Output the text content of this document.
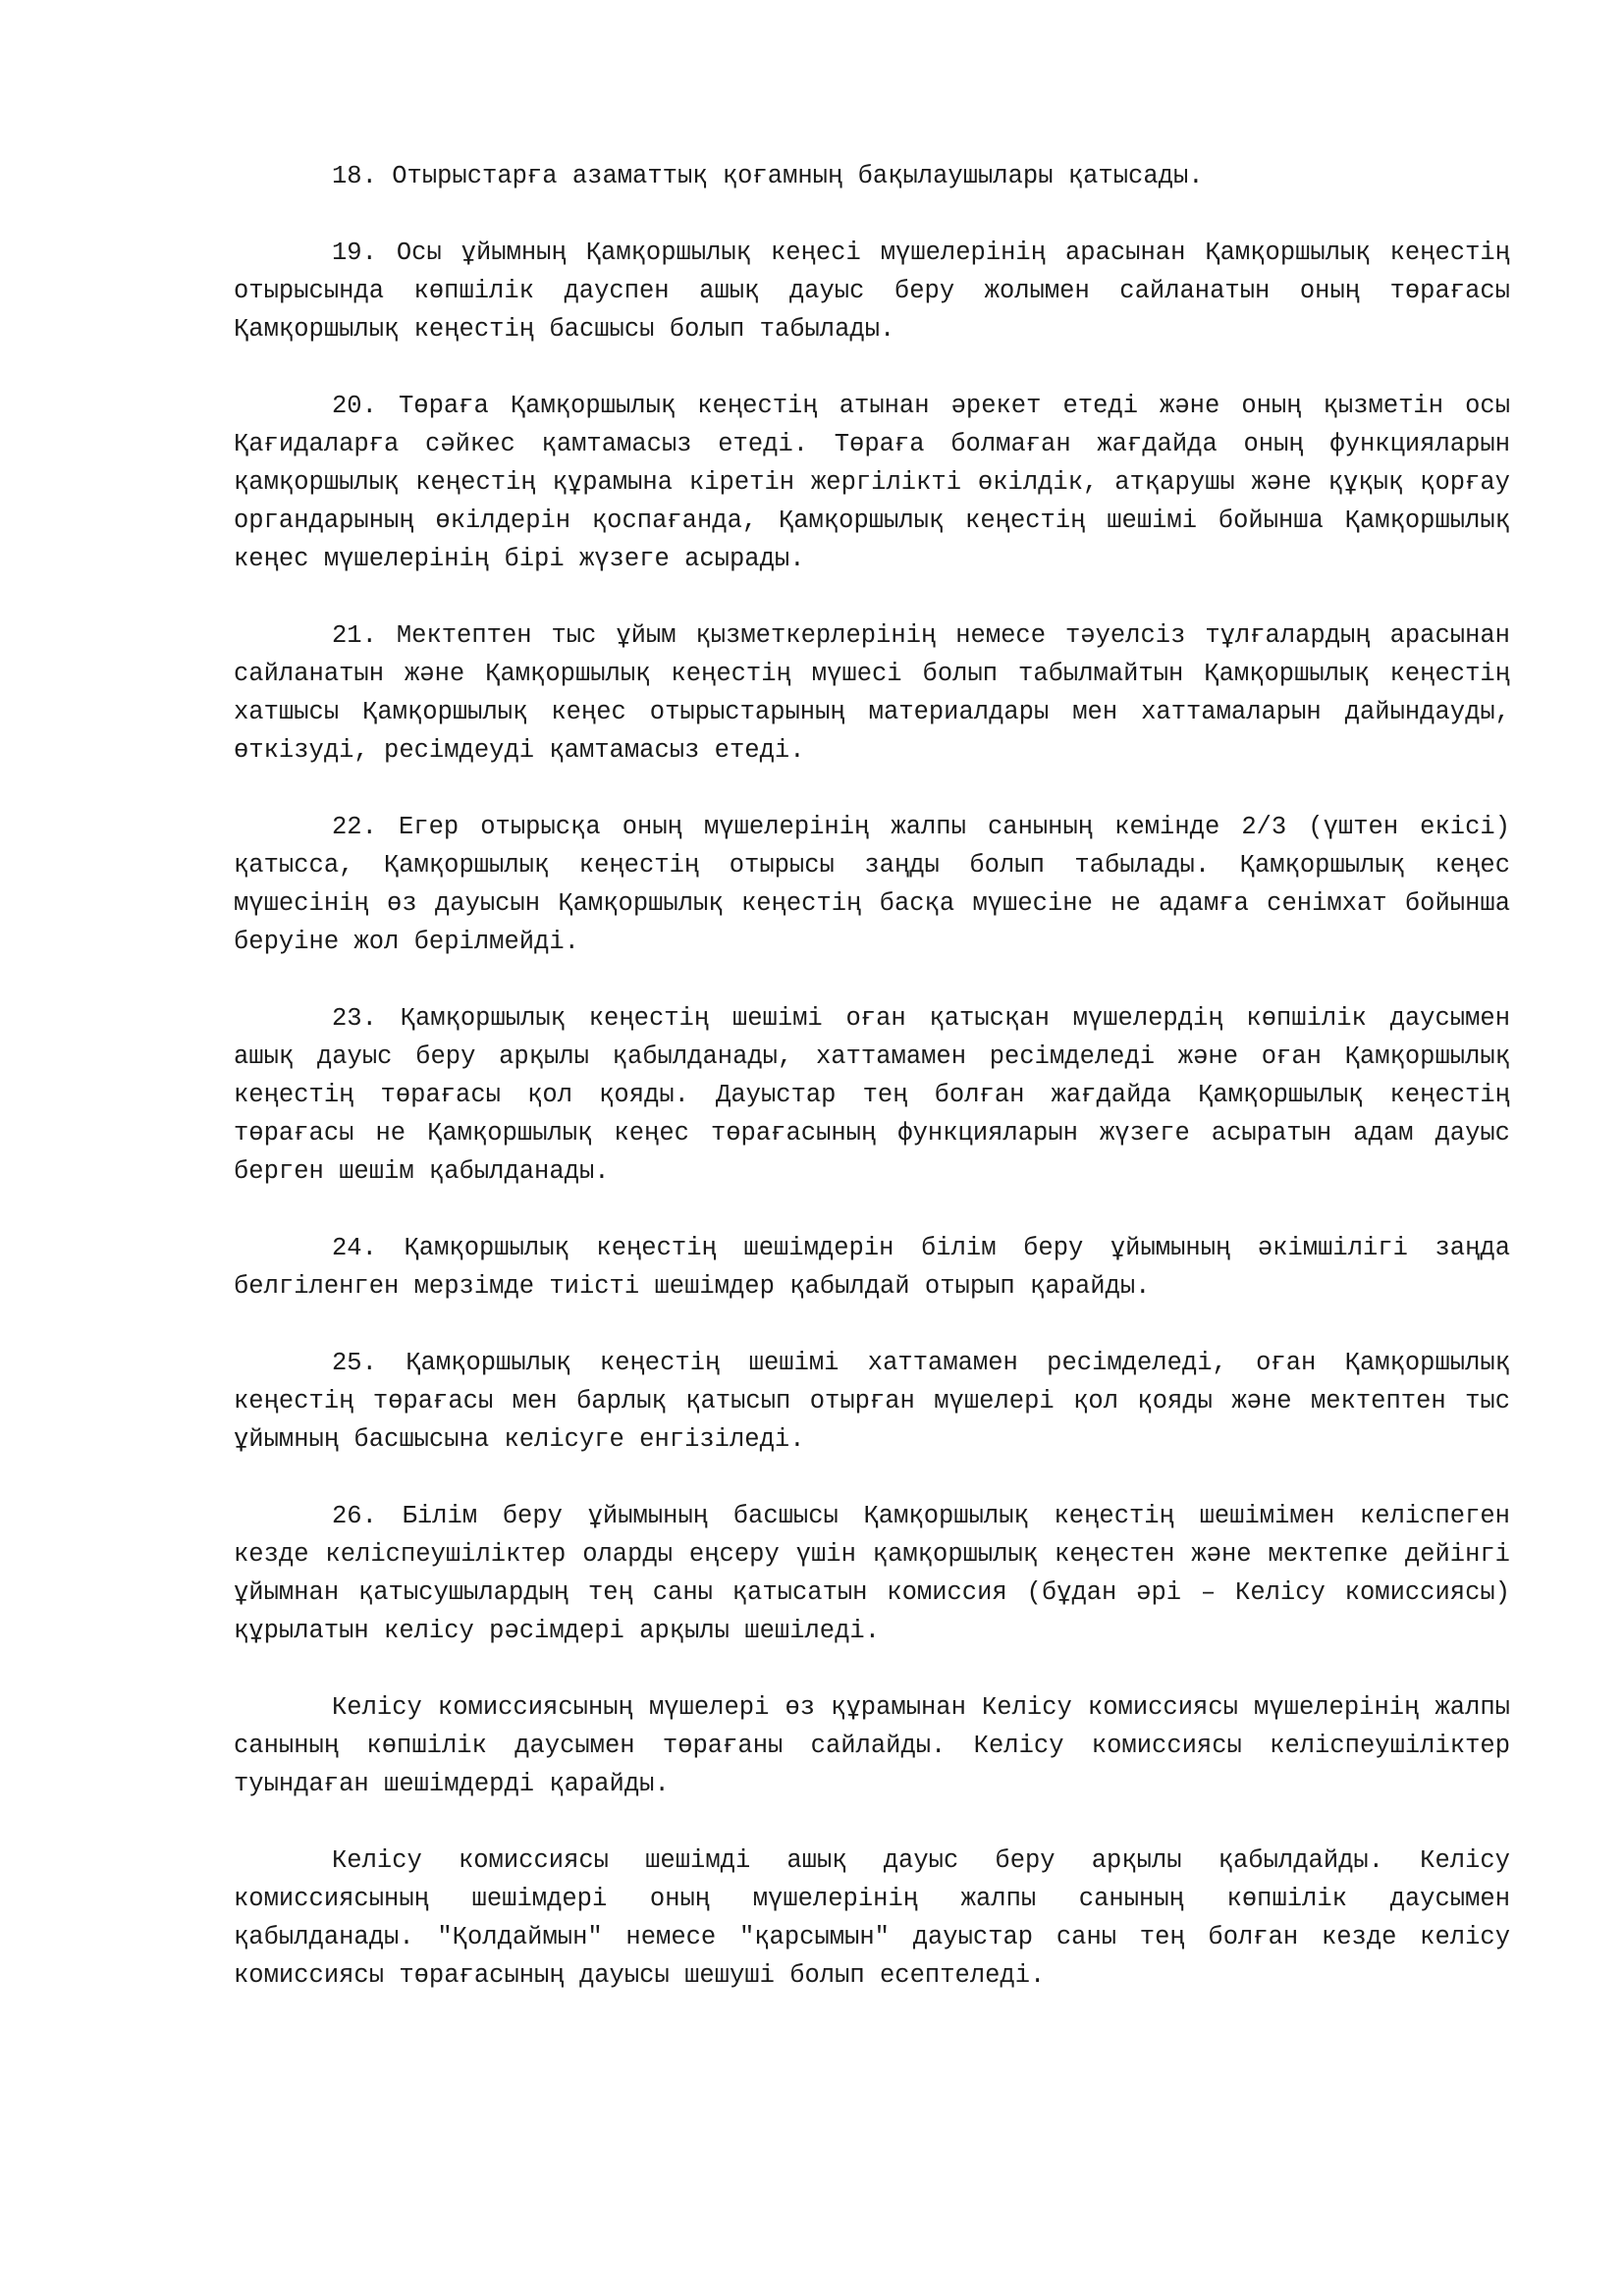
18. Отырыстарға азаматтық қоғамның бақылаушылары қатысады.

19. Осы ұйымның Қамқоршылық кеңесі мүшелерінің арасынан Қамқоршылық кеңестің отырысында көпшілік дауспен ашық дауыс беру жолымен сайланатын оның төрағасы Қамқоршылық кеңестің басшысы болып табылады.

20. Төраға Қамқоршылық кеңестің атынан әрекет етеді және оның қызметін осы Қағидаларға сәйкес қамтамасыз етеді. Төраға болмаған жағдайда оның функцияларын қамқоршылық кеңестің құрамына кіретін жергілікті өкілдік, атқарушы және құқық қорғау органдарының өкілдерін қоспағанда, Қамқоршылық кеңестің шешімі бойынша Қамқоршылық кеңес мүшелерінің бірі жүзеге асырады.

21. Мектептен тыс ұйым қызметкерлерінің немесе тәуелсіз тұлғалардың арасынан сайланатын және Қамқоршылық кеңестің мүшесі болып табылмайтын Қамқоршылық кеңестің хатшысы Қамқоршылық кеңес отырыстарының материалдары мен хаттамаларын дайындауды, өткізуді, ресімдеуді қамтамасыз етеді.

22. Егер отырысқа оның мүшелерінің жалпы санының кемінде 2/3 (үштен екісі) қатысса, Қамқоршылық кеңестің отырысы заңды болып табылады. Қамқоршылық кеңес мүшесінің өз дауысын Қамқоршылық кеңестің басқа мүшесіне не адамға сенімхат бойынша беруіне жол берілмейді.

23. Қамқоршылық кеңестің шешімі оған қатысқан мүшелердің көпшілік даусымен ашық дауыс беру арқылы қабылданады, хаттамамен ресімделеді және оған Қамқоршылық кеңестің төрағасы қол қояды. Дауыстар тең болған жағдайда Қамқоршылық кеңестің төрағасы не Қамқоршылық кеңес төрағасының функцияларын жүзеге асыратын адам дауыс берген шешім қабылданады.

24. Қамқоршылық кеңестің шешімдерін білім беру ұйымының әкімшілігі заңда белгіленген мерзімде тиісті шешімдер қабылдай отырып қарайды.

25. Қамқоршылық кеңестің шешімі хаттамамен ресімделеді, оған Қамқоршылық кеңестің төрағасы мен барлық қатысып отырған мүшелері қол қояды және мектептен тыс ұйымның басшысына келісуге енгізіледі.

26. Білім беру ұйымының басшысы Қамқоршылық кеңестің шешімімен келіспеген кезде келіспеушіліктер оларды еңсеру үшін қамқоршылық кеңестен және мектепке дейінгі ұйымнан қатысушылардың тең саны қатысатын комиссия (бұдан әрі – Келісу комиссиясы) құрылатын келісу рәсімдері арқылы шешіледі.

Келісу комиссиясының мүшелері өз құрамынан Келісу комиссиясы мүшелерінің жалпы санының көпшілік даусымен төрағаны сайлайды. Келісу комиссиясы келіспеушіліктер туындаған шешімдерді қарайды.

Келісу комиссиясы шешімді ашық дауыс беру арқылы қабылдайды. Келісу комиссиясының шешімдері оның мүшелерінің жалпы санының көпшілік даусымен қабылданады. "Қолдаймын" немесе "қарсымын" дауыстар саны тең болған кезде келісу комиссиясы төрағасының дауысы шешуші болып есептеледі.
